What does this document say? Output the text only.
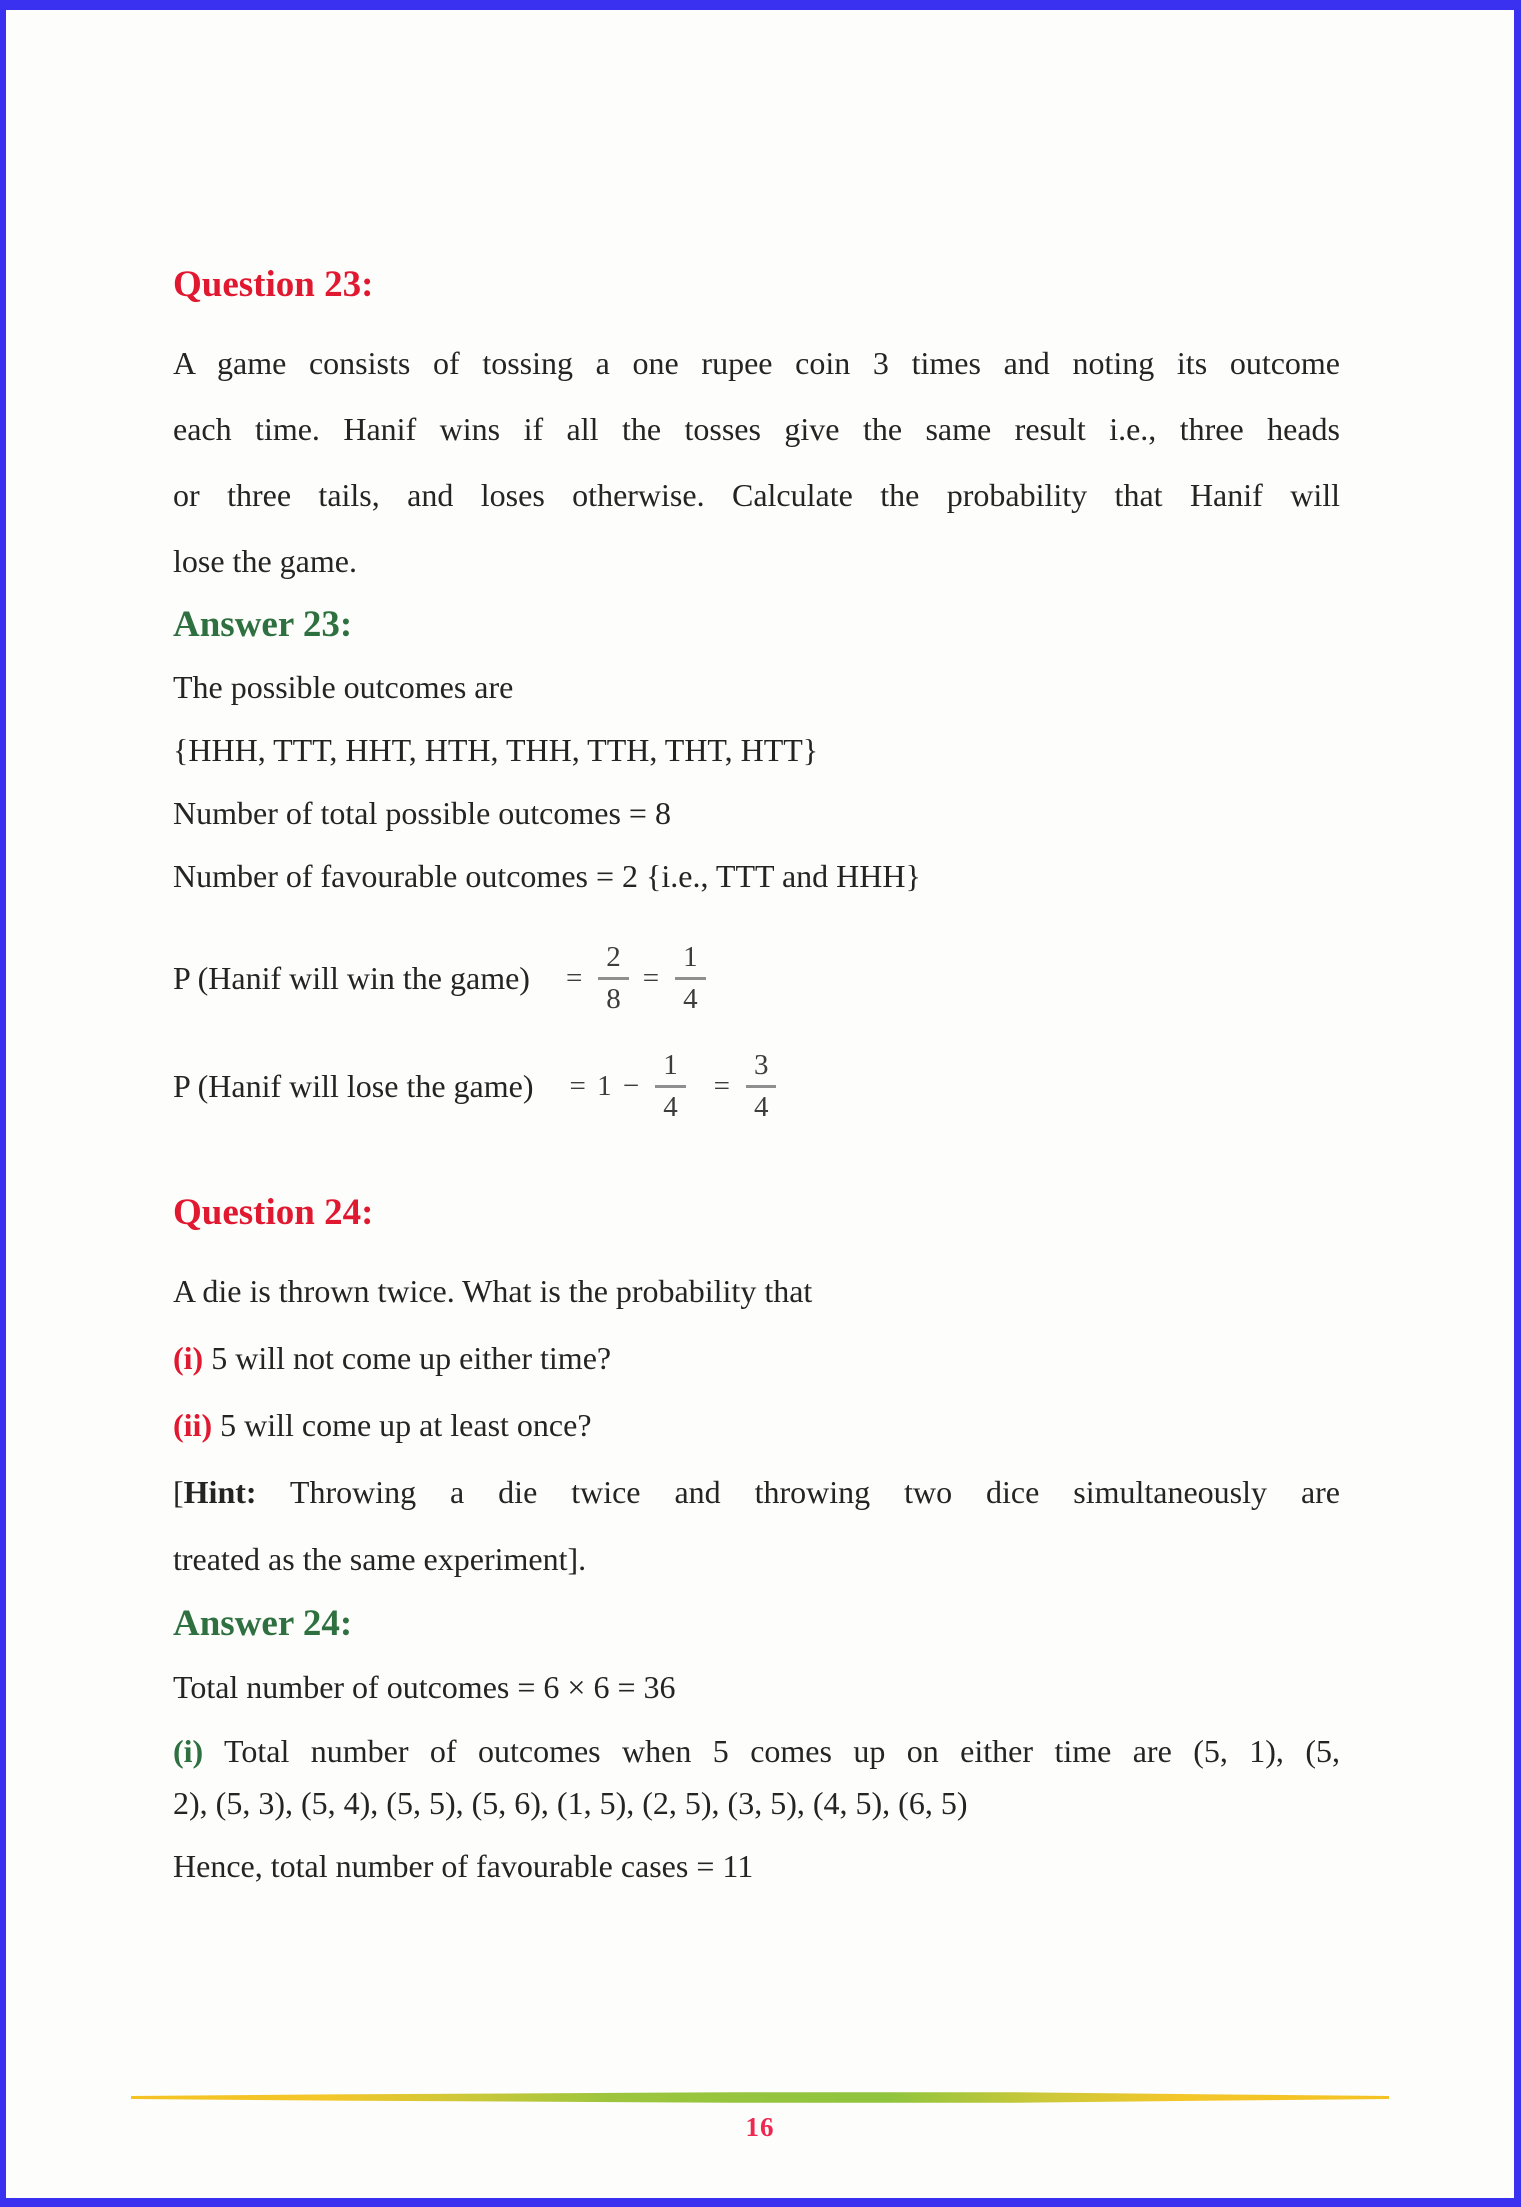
Question 23:
A game consists of tossing a one rupee coin 3 times and noting its outcome
each time. Hanif wins if all the tosses give the same result i.e., three heads
or three tails, and loses otherwise. Calculate the probability that Hanif will
lose the game.
Answer 23:
The possible outcomes are
{HHH, TTT, HHT, HTH, THH, TTH, THT, HTT}
Number of total possible outcomes = 8
Number of favourable outcomes = 2 {i.e., TTT and HHH}
P (Hanif will win the game) = $\frac{2}{8} = \frac{1}{4}$
P (Hanif will lose the game) = $1 - \frac{1}{4} = \frac{3}{4}$
Question 24:
A die is thrown twice. What is the probability that
(i) 5 will not come up either time?
(ii) 5 will come up at least once?
[Hint: Throwing a die twice and throwing two dice simultaneously are
treated as the same experiment].
Answer 24:
Total number of outcomes = 6 × 6 = 36
(i) Total number of outcomes when 5 comes up on either time are (5, 1), (5,
2), (5, 3), (5, 4), (5, 5), (5, 6), (1, 5), (2, 5), (3, 5), (4, 5), (6, 5)
Hence, total number of favourable cases = 11
16
